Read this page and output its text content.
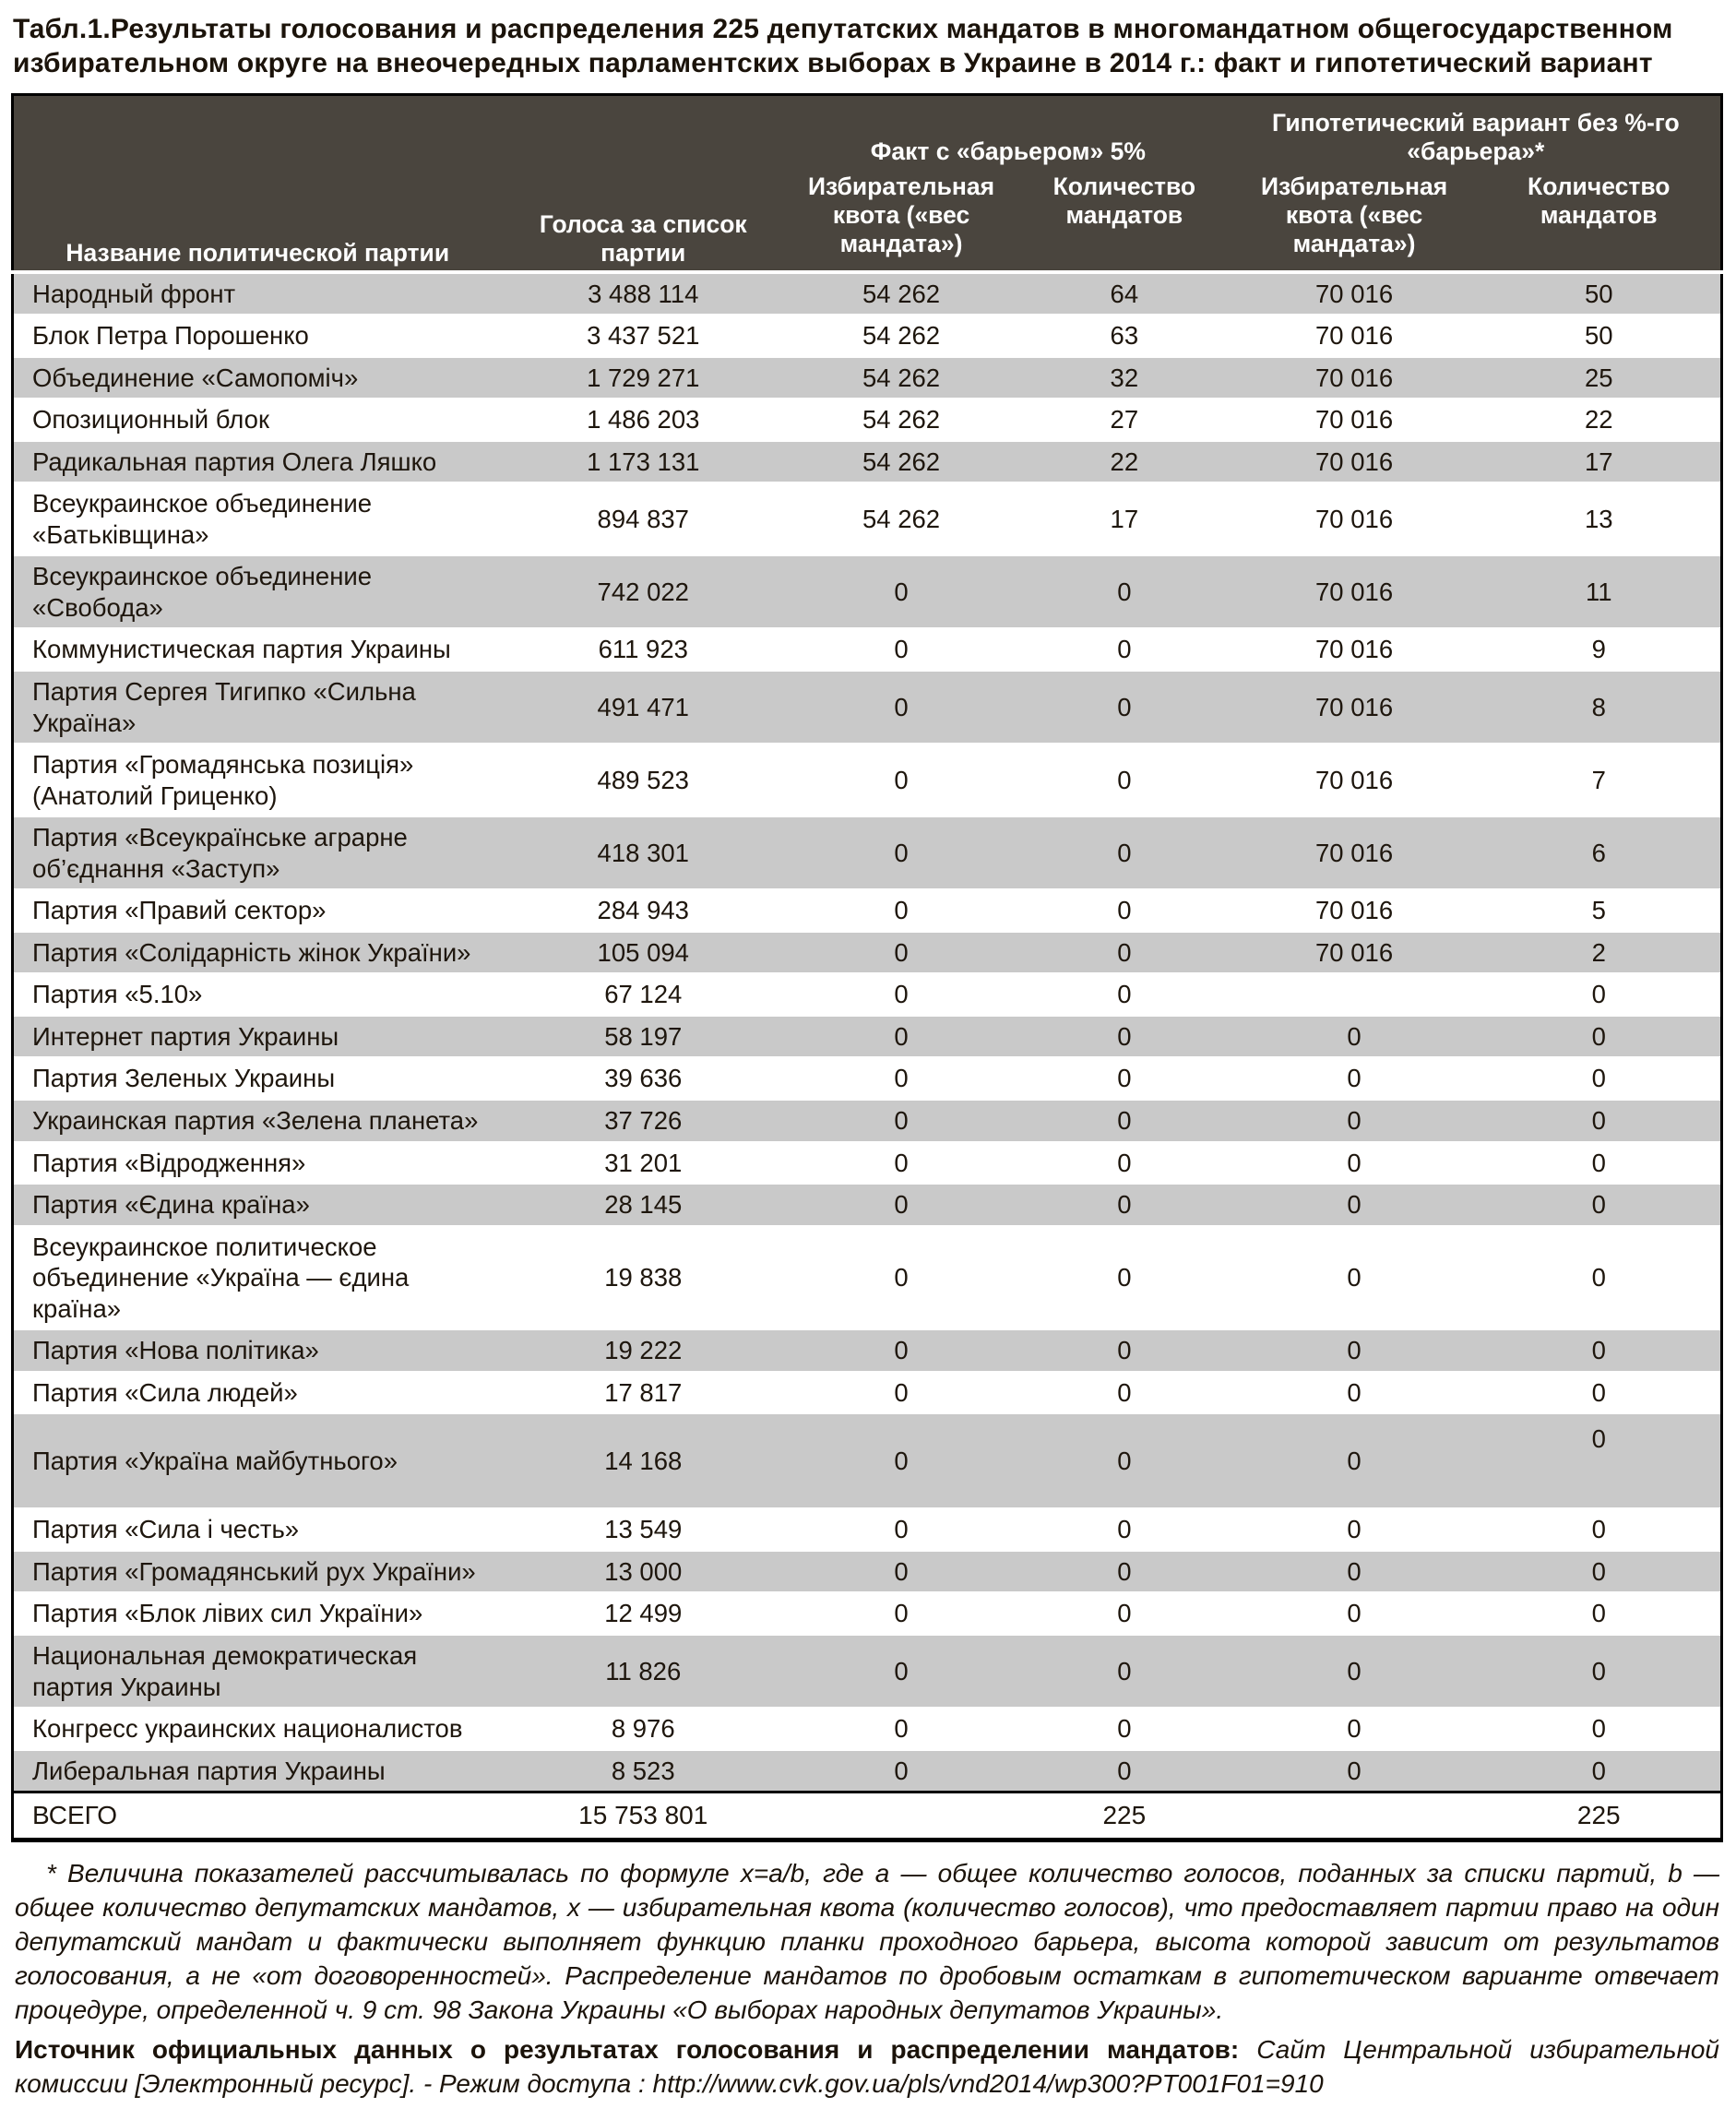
Табл.1.Результаты голосования и распределения 225 депутатских мандатов в многомандатном общегосударственном избирательном округе на внеочередных парламентских выборах в Украине в 2014 г.: факт и гипотетический вариант
Название политической партии	Голоса за список партии	Факт с «барьером» 5%		Гипотетический вариант без %-го «барьера»*	
		Избирательная квота («вес мандата»)	Количество мандатов	Избирательная квота («вес мандата»)	Количество мандатов
Народный фронт	3 488 114	54 262	64	70 016	50
Блок Петра Порошенко	3 437 521	54 262	63	70 016	50
Объединение «Самопоміч»	1 729 271	54 262	32	70 016	25
Опозиционный блок	1 486 203	54 262	27	70 016	22
Радикальная партия Олега Ляшко	1 173 131	54 262	22	70 016	17
Всеукраинское объединение «Батьківщина»	894 837	54 262	17	70 016	13
Всеукраинское объединение «Свобода»	742 022	0	0	70 016	11
Коммунистическая партия Украины	611 923	0	0	70 016	9
Партия Сергея Тигипко «Сильна Україна»	491 471	0	0	70 016	8
Партия «Громадянська позиція» (Анатолий Гриценко)	489 523	0	0	70 016	7
Партия «Всеукраїнське аграрне об’єднання «Заступ»	418 301	0	0	70 016	6
Партия «Правий сектор»	284 943	0	0	70 016	5
Партия «Солідарність жінок України»	105 094	0	0	70 016	2
Партия «5.10»	67 124	0	0		0
Интернет партия Украины	58 197	0	0	0	0
Партия Зеленых Украины	39 636	0	0	0	0
Украинская партия «Зелена планета»	37 726	0	0	0	0
Партия «Відродження»	31 201	0	0	0	0
Партия «Єдина країна»	28 145	0	0	0	0
Всеукраинское политическое объединение «Україна — єдина країна»	19 838	0	0	0	0
Партия «Нова політика»	19 222	0	0	0	0
Партия «Сила людей»	17 817	0	0	0	0
Партия «Україна майбутнього»	14 168	0	0	0	0
Партия «Сила і честь»	13 549	0	0	0	0
Партия «Громадянський рух України»	13 000	0	0	0	0
Партия «Блок лівих сил України»	12 499	0	0	0	0
Национальная демократическая партия Украины	11 826	0	0	0	0
Конгресс украинских националистов	8 976	0	0	0	0
Либеральная партия Украины	8 523	0	0	0	0
ВСЕГО	15 753 801		225		225

* Величина показателей рассчитывалась по формуле x=a/b, где a — общее количество голосов, поданных за списки партий, b — общее количество депутатских мандатов, x — избирательная квота (количество голосов), что предоставляет партии право на один депутатский мандат и фактически выполняет функцию планки проходного барьера, высота которой зависит от результатов голосования, а не «от договоренностей». Распределение мандатов по дробовым остаткам в гипотетическом варианте отвечает процедуре, определенной ч. 9 ст. 98 Закона Украины «О выборах народных депутатов Украины».

Источник официальных данных о результатах голосования и распределении мандатов: Сайт Центральной избирательной комиссии [Электронный ресурс]. - Режим доступа : http://www.cvk.gov.ua/pls/vnd2014/wp300?PT001F01=910
